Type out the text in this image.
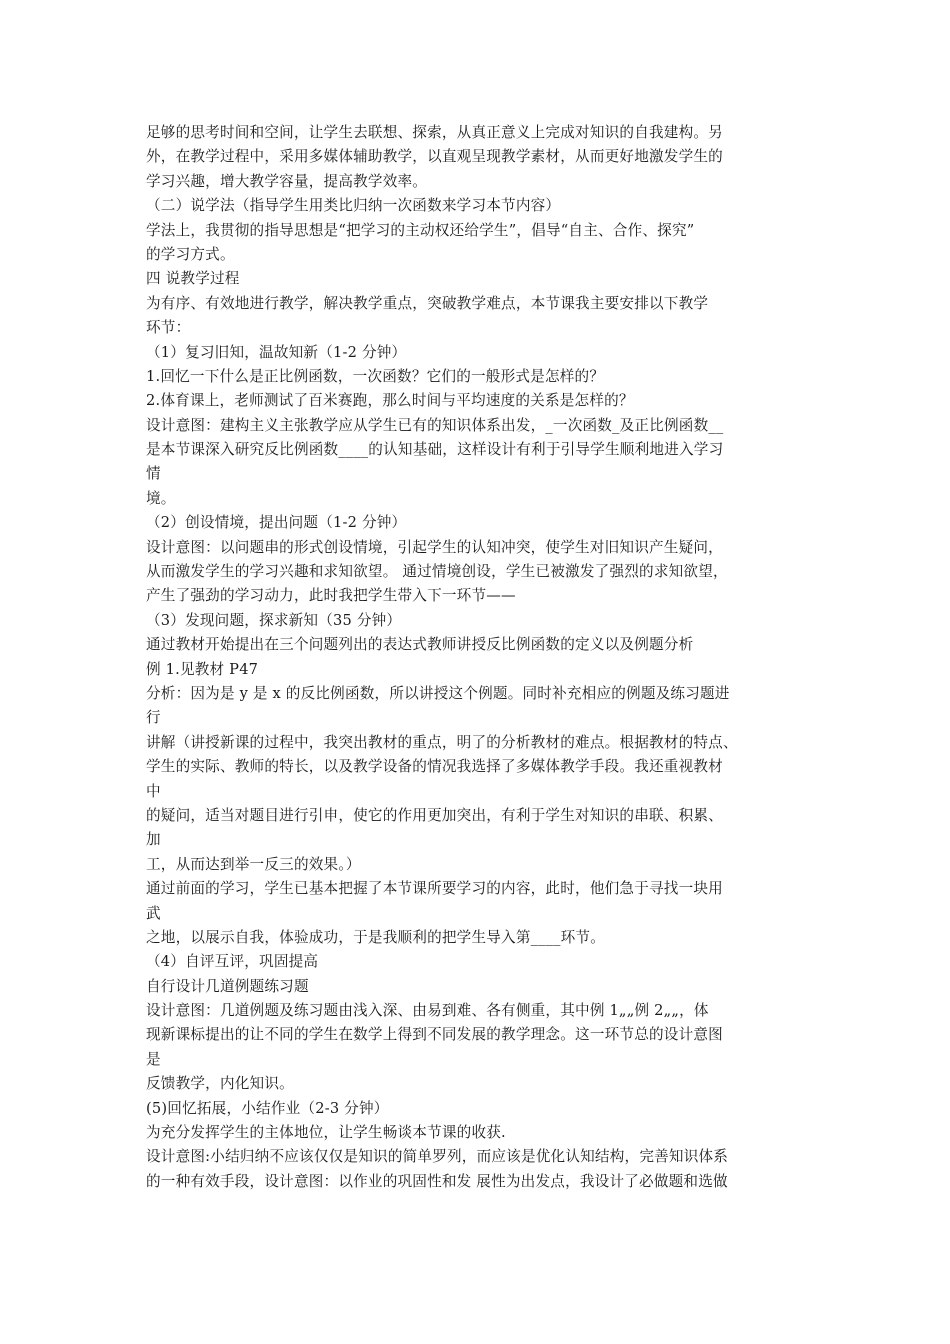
足够的思考时间和空间，让学生去联想、探索，从真正意义上完成对知识的自我建构。另
外，在教学过程中，采用多媒体辅助教学，以直观呈现教学素材，从而更好地激发学生的
学习兴趣，增大教学容量，提高教学效率。
（二）说学法（指导学生用类比归纳一次函数来学习本节内容）
学法上，我贯彻的指导思想是“把学习的主动权还给学生”，倡导“自主、合作、探究”
的学习方式。
四 说教学过程
为有序、有效地进行教学，解决教学重点，突破教学难点，本节课我主要安排以下教学
环节：
（1）复习旧知，温故知新（1-2 分钟）
1.回忆一下什么是正比例函数，一次函数？它们的一般形式是怎样的？
2.体育课上，老师测试了百米赛跑，那么时间与平均速度的关系是怎样的？
设计意图：建构主义主张教学应从学生已有的知识体系出发，_一次函数_及正比例函数__
是本节课深入研究反比例函数____的认知基础，这样设计有利于引导学生顺利地进入学习
情
境。
（2）创设情境，提出问题（1-2 分钟）
设计意图：以问题串的形式创设情境，引起学生的认知冲突，使学生对旧知识产生疑问，
从而激发学生的学习兴趣和求知欲望。 通过情境创设，学生已被激发了强烈的求知欲望，
产生了强劲的学习动力，此时我把学生带入下一环节——
（3）发现问题，探求新知（35 分钟）
通过教材开始提出在三个问题列出的表达式教师讲授反比例函数的定义以及例题分析
例 1.见教材 P47
分析：因为是 y 是 x 的反比例函数，所以讲授这个例题。同时补充相应的例题及练习题进
行
讲解（讲授新课的过程中，我突出教材的重点，明了的分析教材的难点。根据教材的特点、
学生的实际、教师的特长，以及教学设备的情况我选择了多媒体教学手段。我还重视教材
中
的疑问，适当对题目进行引申，使它的作用更加突出，有利于学生对知识的串联、积累、
加
工，从而达到举一反三的效果。）
通过前面的学习，学生已基本把握了本节课所要学习的内容，此时，他们急于寻找一块用
武
之地，以展示自我，体验成功，于是我顺利的把学生导入第____环节。
（4）自评互评，巩固提高
自行设计几道例题练习题
设计意图：几道例题及练习题由浅入深、由易到难、各有侧重，其中例 1„„例 2„„，体
现新课标提出的让不同的学生在数学上得到不同发展的教学理念。这一环节总的设计意图
是
反馈教学，内化知识。
(5)回忆拓展，小结作业（2-3 分钟）
为充分发挥学生的主体地位，让学生畅谈本节课的收获.
设计意图:小结归纳不应该仅仅是知识的简单罗列，而应该是优化认知结构，完善知识体系
的一种有效手段，设计意图：以作业的巩固性和发 展性为出发点，我设计了必做题和选做
